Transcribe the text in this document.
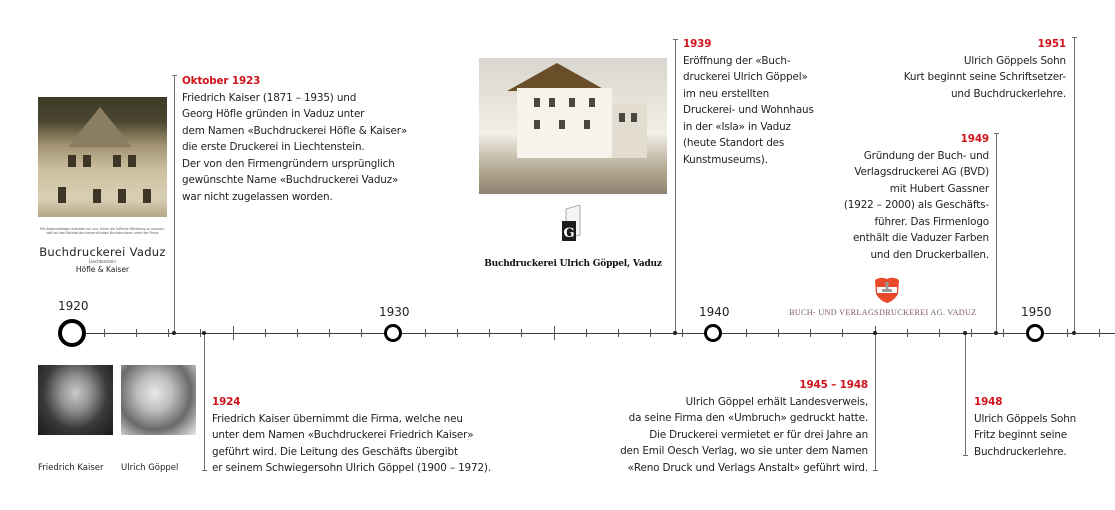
Mit Gegenwärtigen erlauben wir uns, Ihnen die höfliche Mitteilung zu machen, daß wir den Betrieb der neuerrichteten Buchdruckerei unter der Firma
Buchdruckerei Vaduz
Liechtenstein
Höfle & Kaiser
G
Buchdruckerei Ulrich Göppel, Vaduz
BUCH- UND VERLAGSDRUCKEREI AG. VADUZ
Friedrich Kaiser Ulrich Göppel
1920	1930	1940	1950
Oktober 1923
Friedrich Kaiser (1871 – 1935) und
Georg Höfle gründen in Vaduz unter
dem Namen «Buchdruckerei Höfle & Kaiser»
die erste Druckerei in Liechtenstein.
Der von den Firmengründern ursprünglich
gewünschte Name «Buchdruckerei Vaduz»
war nicht zugelassen worden.
1924
Friedrich Kaiser übernimmt die Firma, welche neu
unter dem Namen «Buchdruckerei Friedrich Kaiser»
geführt wird. Die Leitung des Geschäfts übergibt
er seinem Schwiegersohn Ulrich Göppel (1900 – 1972).
1939
Eröffnung der «Buch-
druckerei Ulrich Göppel»
im neu erstellten
Druckerei- und Wohnhaus
in der «Isla» in Vaduz
(heute Standort des
Kunstmuseums).
1945 – 1948
Ulrich Göppel erhält Landesverweis,
da seine Firma den «Umbruch» gedruckt hatte.
Die Druckerei vermietet er für drei Jahre an
den Emil Oesch Verlag, wo sie unter dem Namen
«Reno Druck und Verlags Anstalt» geführt wird.
1948
Ulrich Göppels Sohn
Fritz beginnt seine
Buchdruckerlehre.
1949
Gründung der Buch- und
Verlagsdruckerei AG (BVD)
mit Hubert Gassner
(1922 – 2000) als Geschäfts-
führer. Das Firmenlogo
enthält die Vaduzer Farben
und den Druckerballen.
1951
Ulrich Göppels Sohn
Kurt beginnt seine Schriftsetzer-
und Buchdruckerlehre.
